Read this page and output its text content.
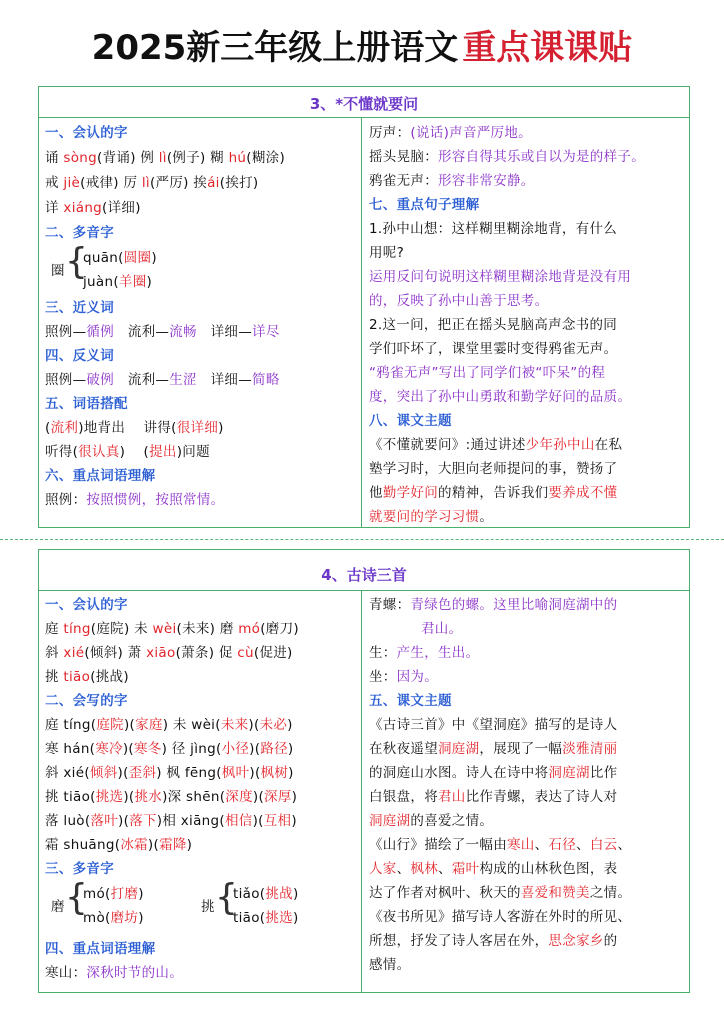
2025新三年级上册语文 重点课课贴
3、*不懂就要问
一、会认的字
诵 sòng(背诵) 例 lì(例子) 糊 hú(糊涂)
戒 jiè(戒律) 厉 lì(严厉) 挨ái(挨打)
详 xiáng(详细)
二、多音字
圈 {
quān(圆圈)
juàn(羊圈)
三、近义词
照例—循例　流利—流畅　详细—详尽
四、反义词
照例—破例　流利—生涩　详细—简略
五、词语搭配
(流利)地背出　 讲得(很详细)
听得(很认真)　 (提出)问题
六、重点词语理解
照例：按照惯例，按照常情。
厉声：(说话)声音严厉地。
摇头晃脑：形容自得其乐或自以为是的样子。
鸦雀无声：形容非常安静。
七、重点句子理解
1.孙中山想：这样糊里糊涂地背，有什么
用呢?
运用反问句说明这样糊里糊涂地背是没有用
的，反映了孙中山善于思考。
2.这一问，把正在摇头晃脑高声念书的同
学们吓坏了，课堂里霎时变得鸦雀无声。
“鸦雀无声”写出了同学们被“吓呆”的程
度，突出了孙中山勇敢和勤学好问的品质。
八、课文主题
《不懂就要问》:通过讲述少年孙中山在私
塾学习时，大胆向老师提问的事，赞扬了
他勤学好问的精神，告诉我们要养成不懂
就要问的学习习惯。
4、古诗三首
一、会认的字
庭 tíng(庭院) 未 wèi(未来) 磨 mó(磨刀)
斜 xié(倾斜) 萧 xiāo(萧条) 促 cù(促进)
挑 tiāo(挑战)
二、会写的字
庭 tíng(庭院)(家庭) 未 wèi(未来)(未必)
寒 hán(寒冷)(寒冬) 径 jìng(小径)(路径)
斜 xié(倾斜)(歪斜) 枫 fēng(枫叶)(枫树)
挑 tiāo(挑选)(挑水)深 shēn(深度)(深厚)
落 luò(落叶)(落下)相 xiāng(相信)(互相)
霜 shuāng(冰霜)(霜降)
三、多音字
磨 {
mó(打磨)
mò(磨坊)
挑 {
tiǎo(挑战)
tiāo(挑选)
四、重点词语理解
寒山：深秋时节的山。
青螺：青绿色的螺。这里比喻洞庭湖中的
君山。
生：产生，生出。
坐：因为。
五、课文主题
《古诗三首》中《望洞庭》描写的是诗人
在秋夜遥望洞庭湖，展现了一幅淡雅清丽
的洞庭山水图。诗人在诗中将洞庭湖比作
白银盘，将君山比作青螺，表达了诗人对
洞庭湖的喜爱之情。
《山行》描绘了一幅由寒山、石径、白云、
人家、枫林、霜叶构成的山林秋色图，表
达了作者对枫叶、秋天的喜爱和赞美之情。
《夜书所见》描写诗人客游在外时的所见、
所想，抒发了诗人客居在外，思念家乡的
感情。
